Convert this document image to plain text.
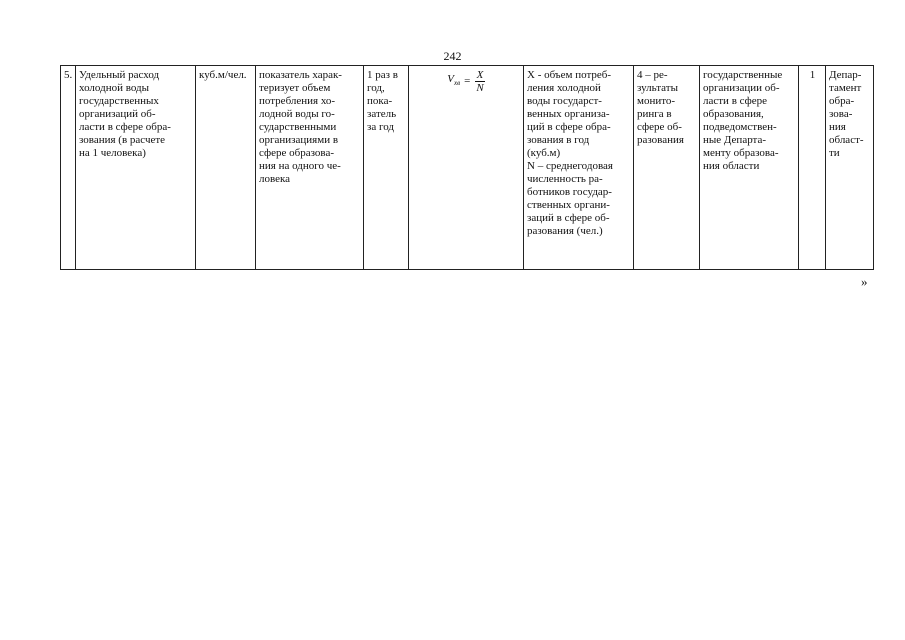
242
5.	Удельный расход
холодной воды
государственных
организаций об-
ласти в сфере обра-
зования (в расчете
на 1 человека)	куб.м/чел.	показатель харак-
теризует объем
потребления хо-
лодной воды го-
сударственными
организациями в
сфере образова-
ния на одного че-
ловека	1 раз в
год,
пока-
затель
за год	
$V_{хв} = \frac{X}{N}$	X - объем потреб-
ления холодной
воды государст-
венных организа-
ций в сфере обра-
зования в год
(куб.м)
N – среднегодовая
численность ра-
ботников государ-
ственных органи-
заций в сфере об-
разования (чел.)	4 – ре-
зультаты
монито-
ринга в
сфере об-
разования	государственные
организации об-
ласти в сфере
образования,
подведомствен-
ные Департа-
менту образова-
ния области	1	Депар-
тамент
обра-
зова-
ния
област-
ти
»
